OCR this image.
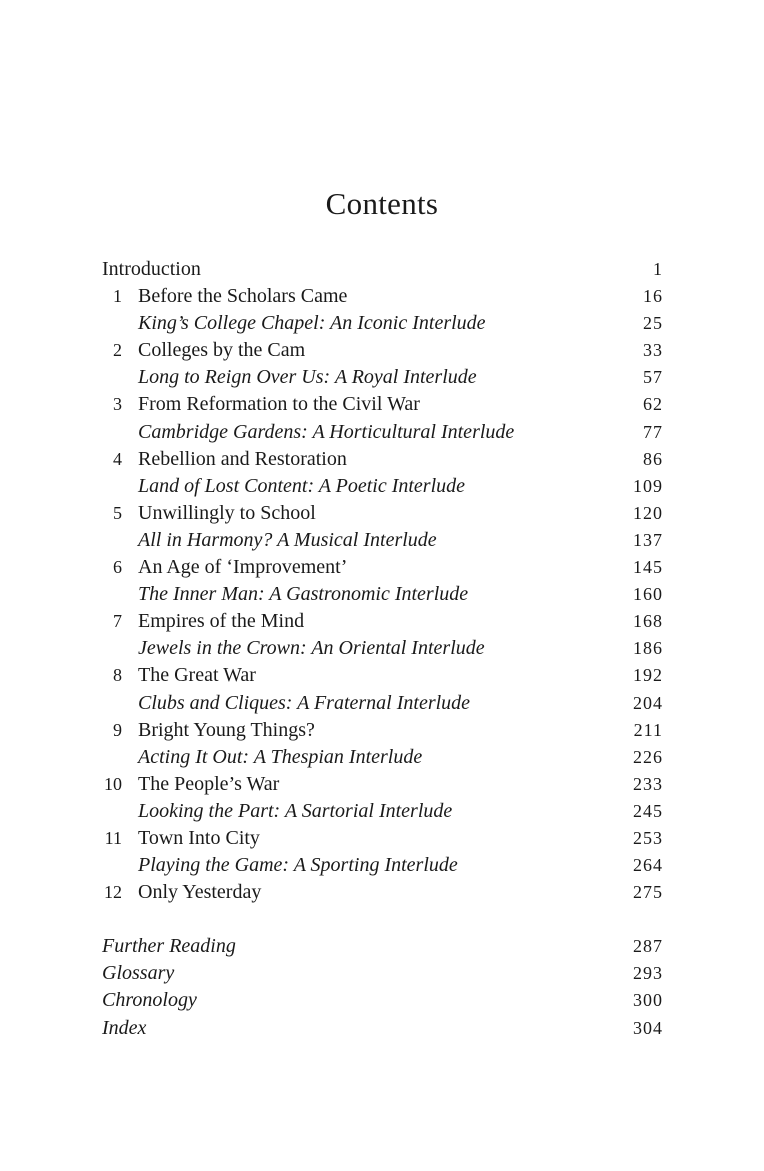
Contents
Introduction	1
1 Before the Scholars Came	16
King’s College Chapel: An Iconic Interlude	25
2 Colleges by the Cam	33
Long to Reign Over Us: A Royal Interlude	57
3 From Reformation to the Civil War	62
Cambridge Gardens: A Horticultural Interlude	77
4 Rebellion and Restoration	86
Land of Lost Content: A Poetic Interlude	109
5 Unwillingly to School	120
All in Harmony? A Musical Interlude	137
6 An Age of ‘Improvement’	145
The Inner Man: A Gastronomic Interlude	160
7 Empires of the Mind	168
Jewels in the Crown: An Oriental Interlude	186
8 The Great War	192
Clubs and Cliques: A Fraternal Interlude	204
9 Bright Young Things?	211
Acting It Out: A Thespian Interlude	226
10 The People’s War	233
Looking the Part: A Sartorial Interlude	245
11 Town Into City	253
Playing the Game: A Sporting Interlude	264
12 Only Yesterday	275
Further Reading	287
Glossary	293
Chronology	300
Index	304
